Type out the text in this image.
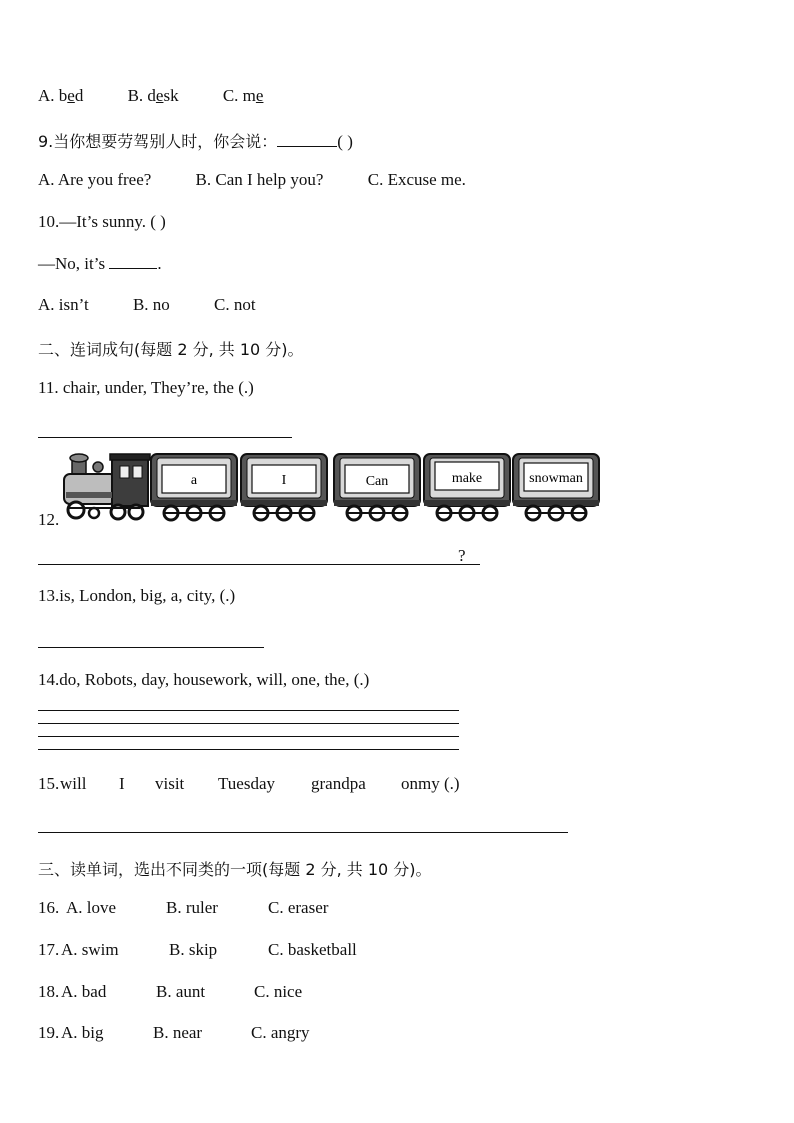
A. bed	B. desk	C. me
9.当你想要劳驾别人时，你会说：	( )
A. Are you free?	B. Can I help you?	C. Excuse me.
10.—It’s sunny. ( )
—No, it’s	.
A. isn’t	B. no	C. not
二、连词成句(每题 2 分, 共 10 分)。
11. chair, under, They’re, the (.)
12.
a	I	Can	make	snowman
?
13.is, London, big, a, city, (.)
14.do, Robots, day, housework, will, one, the, (.)
15. will I visit Tuesday grandpa onmy (.)
三、读单词，选出不同类的一项(每题 2 分, 共 10 分)。
16. A. love	B. ruler	C. eraser
17. A. swim	B. skip	C. basketball
18. A. bad	B. aunt	C. nice
19. A. big	B. near	C. angry
